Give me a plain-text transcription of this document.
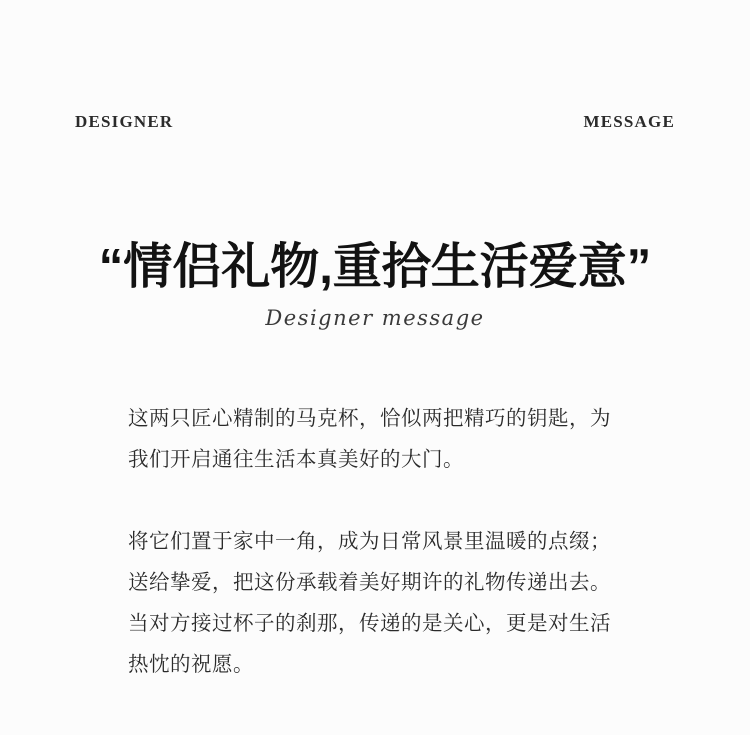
DESIGNER	MESSAGE
“情侣礼物,重拾生活爱意”
Designer message

这两只匠心精制的马克杯，恰似两把精巧的钥匙，为我们开启通往生活本真美好的大门。

将它们置于家中一角，成为日常风景里温暖的点缀；送给挚爱，把这份承载着美好期许的礼物传递出去。当对方接过杯子的刹那，传递的是关心，更是对生活热忱的祝愿。
